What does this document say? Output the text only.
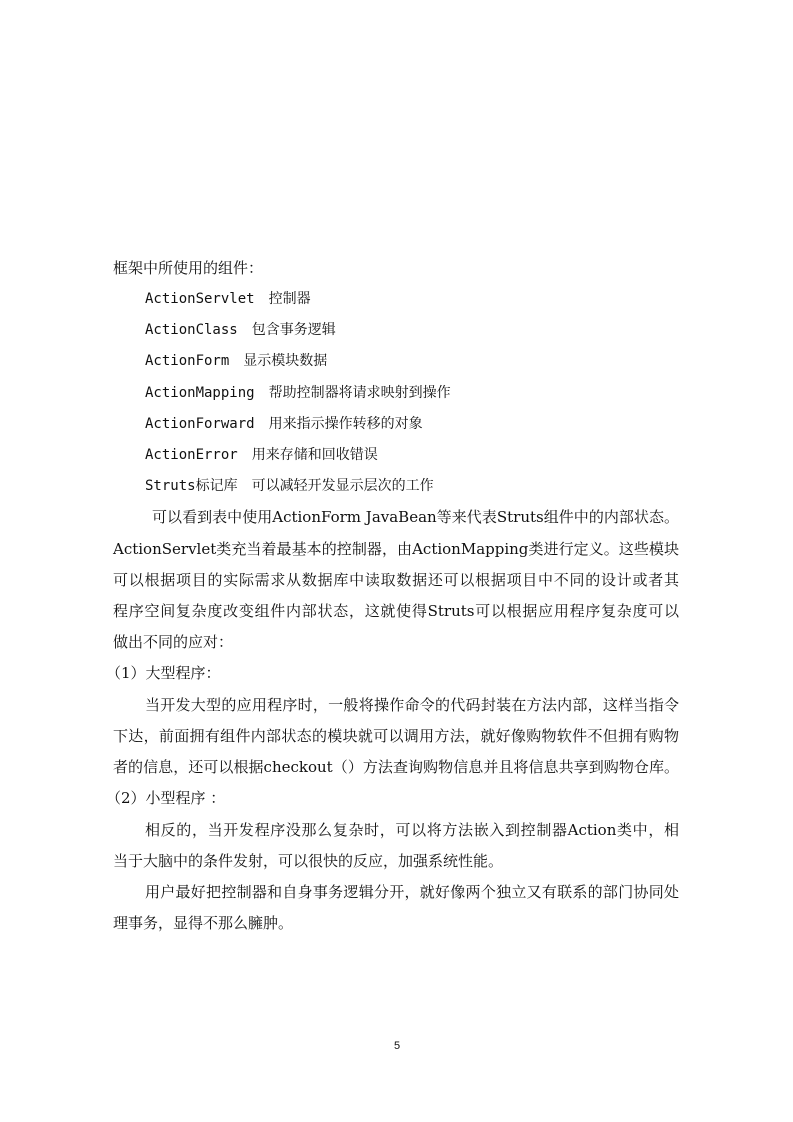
框架中所使用的组件：
ActionServlet　控制器
ActionClass　包含事务逻辑
ActionForm　显示模块数据
ActionMapping　帮助控制器将请求映射到操作
ActionForward　用来指示操作转移的对象
ActionError　用来存储和回收错误
Struts标记库　可以减轻开发显示层次的工作
可以看到表中使用ActionForm JavaBean等来代表Struts组件中的内部状态。
ActionServlet类充当着最基本的控制器，由ActionMapping类进行定义。这些模块
可以根据项目的实际需求从数据库中读取数据还可以根据项目中不同的设计或者其
程序空间复杂度改变组件内部状态，这就使得Struts可以根据应用程序复杂度可以
做出不同的应对：
（1）大型程序：
当开发大型的应用程序时，一般将操作命令的代码封装在方法内部，这样当指令
下达，前面拥有组件内部状态的模块就可以调用方法，就好像购物软件不但拥有购物
者的信息，还可以根据checkout（）方法查询购物信息并且将信息共享到购物仓库。
（2）小型程序 ：
相反的，当开发程序没那么复杂时，可以将方法嵌入到控制器Action类中，相
当于大脑中的条件发射，可以很快的反应，加强系统性能。
用户最好把控制器和自身事务逻辑分开，就好像两个独立又有联系的部门协同处
理事务，显得不那么臃肿。
5
